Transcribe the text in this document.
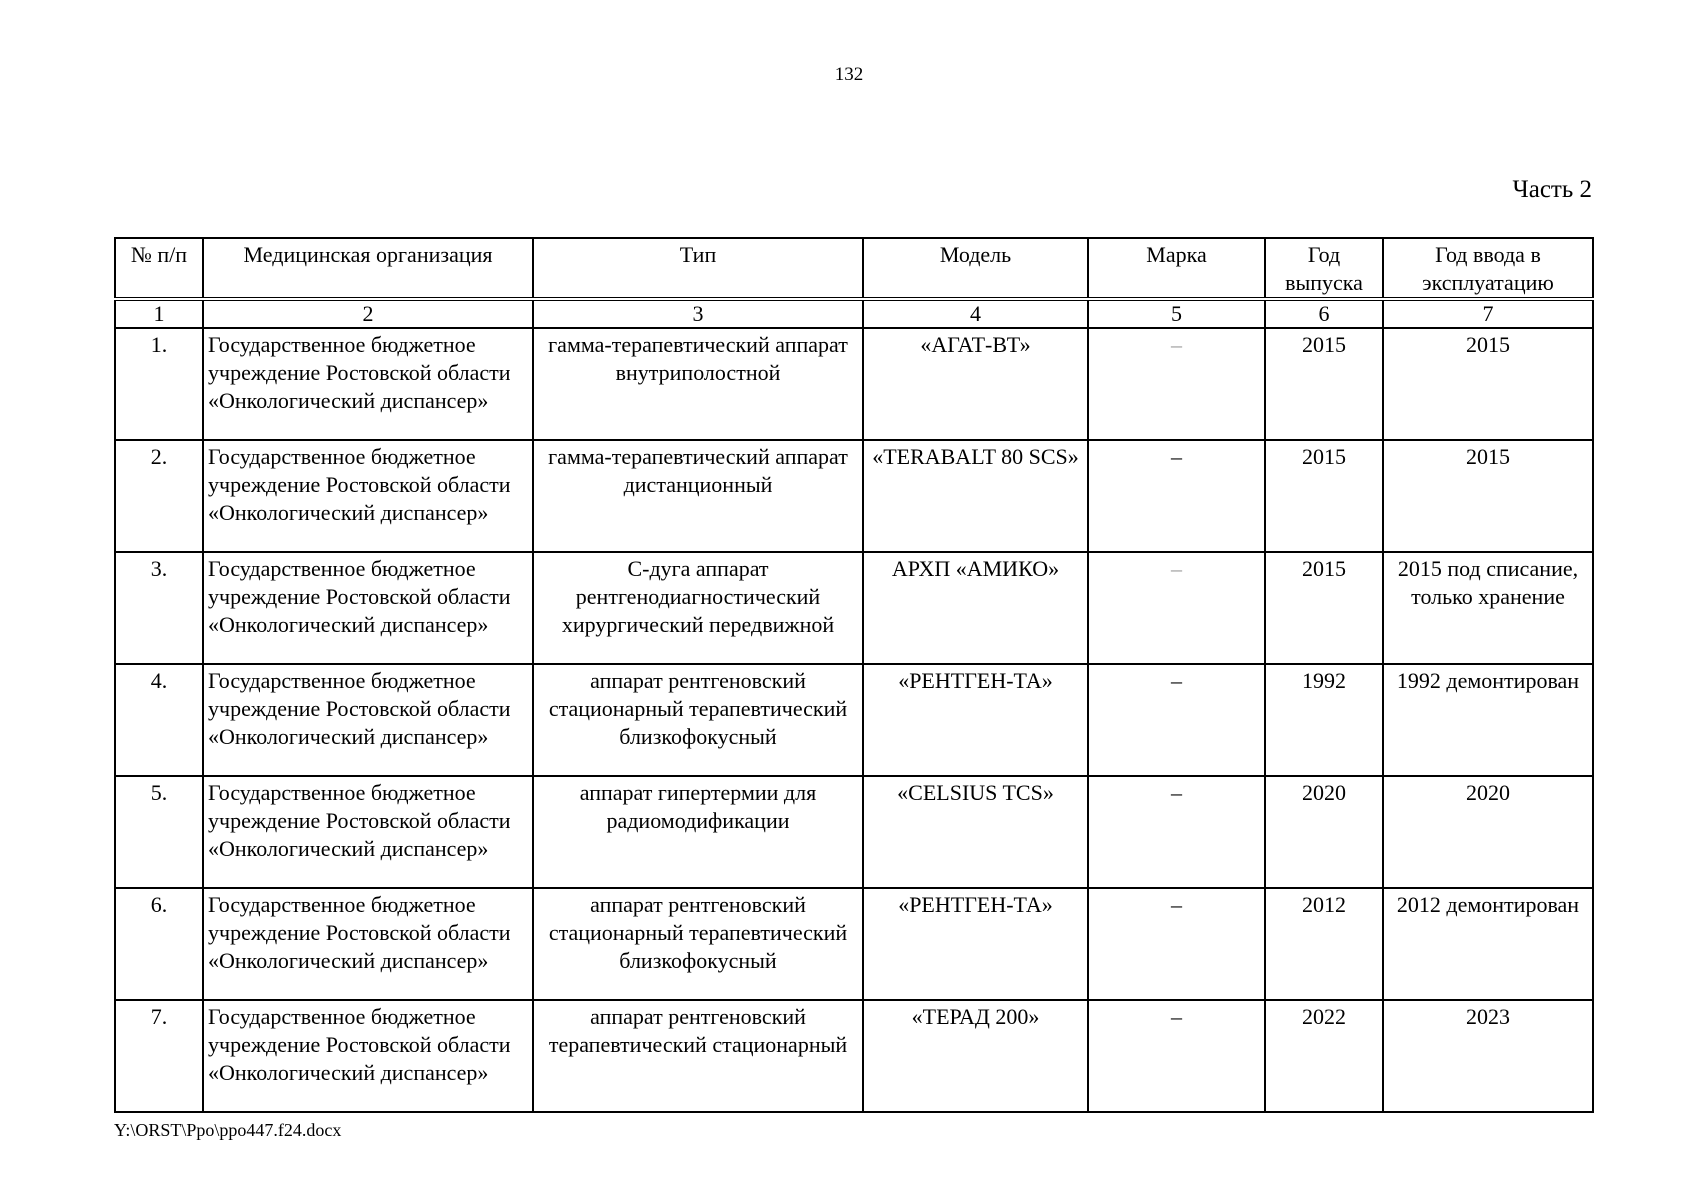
132
Часть 2
№ п/п	Медицинская организация	Тип	Модель	Марка	Год выпуска	Год ввода в эксплуатацию
1	2	3	4	5	6	7
1.	Государственное бюджетное учреждение Ростовской области «Онкологический диспансер»	гамма-терапевтический аппарат внутриполостной	«АГАТ-ВТ»	–	2015	2015
2.	Государственное бюджетное учреждение Ростовской области «Онкологический диспансер»	гамма-терапевтический аппарат дистанционный	«TERABALT 80 SCS»	–	2015	2015
3.	Государственное бюджетное учреждение Ростовской области «Онкологический диспансер»	С-дуга аппарат рентгенодиагностический хирургический передвижной	АРХП «АМИКО»	–	2015	2015 под списание, только хранение
4.	Государственное бюджетное учреждение Ростовской области «Онкологический диспансер»	аппарат рентгеновский стационарный терапевтический близкофокусный	«РЕНТГЕН-ТА»	–	1992	1992 демонтирован
5.	Государственное бюджетное учреждение Ростовской области «Онкологический диспансер»	аппарат гипертермии для радиомодификации	«CELSIUS TCS»	–	2020	2020
6.	Государственное бюджетное учреждение Ростовской области «Онкологический диспансер»	аппарат рентгеновский стационарный терапевтический близкофокусный	«РЕНТГЕН-ТА»	–	2012	2012 демонтирован
7.	Государственное бюджетное учреждение Ростовской области «Онкологический диспансер»	аппарат рентгеновский терапевтический стационарный	«ТЕРАД 200»	–	2022	2023
Y:\ORST\Ppo\ppo447.f24.docx
